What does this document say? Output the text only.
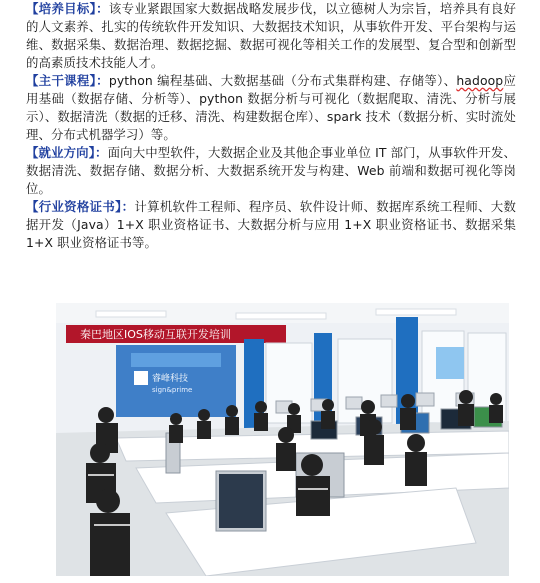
【培养目标】：该专业紧跟国家大数据战略发展步伐，以立德树人为宗旨，培养具有良好的人文素养、扎实的传统软件开发知识、大数据技术知识，从事软件开发、平台架构与运维、数据采集、数据治理、数据挖掘、数据可视化等相关工作的发展型、复合型和创新型的高素质技术技能人才。

【主干课程】：python 编程基础、大数据基础（分布式集群构建、存储等）、hadoop应用基础（数据存储、分析等）、python 数据分析与可视化（数据爬取、清洗、分析与展示）、数据清洗（数据的迁移、清洗、构建数据仓库）、spark 技术（数据分析、实时流处理、分布式机器学习）等。

【就业方向】：面向大中型软件，大数据企业及其他企事业单位 IT 部门，从事软件开发、数据清洗、数据存储、数据分析、大数据系统开发与构建、Web 前端和数据可视化等岗位。

【行业资格证书】：计算机软件工程师、程序员、软件设计师、数据库系统工程师、大数据开发（Java）1+X 职业资格证书、大数据分析与应用 1+X 职业资格证书、数据采集 1+X 职业资格证书等。

秦巴地区IOS移动互联开发培训
睿峰科技
sign&prime
